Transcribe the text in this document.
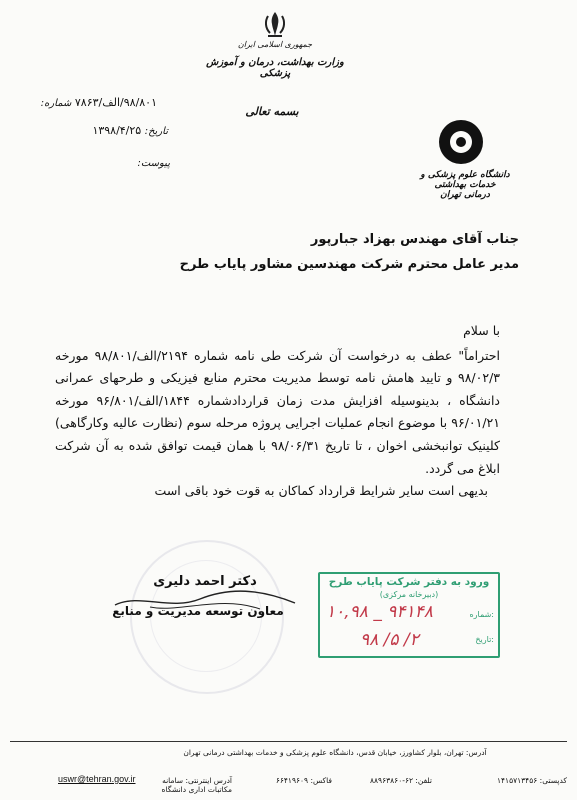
جمهوری اسلامی ایران
وزارت بهداشت، درمان و آموزش پزشکی
بسمه تعالی
دانشگاه علوم پزشکی و خدمات بهداشتی درمانی تهران
۹۸/۸۰۱/الف/۷۸۶۳ شماره:
تاریخ: ۱۳۹۸/۴/۲۵
پیوست:
جناب آقای مهندس بهزاد جبارپور
مدیر عامل محترم شرکت مهندسین مشاور پایاب طرح

با سلام

احتراماً" عطف به درخواست آن شرکت طی نامه شماره ۲۱۹۴/الف/۹۸/۸۰۱ مورخه ۹۸/۰۲/۳ و تایید هامش نامه توسط مدیریت محترم منابع فیزیکی و طرحهای عمرانی دانشگاه ، بدینوسیله افزایش مدت زمان قراردادشماره ۱۸۴۴/الف/۹۶/۸۰۱ مورخه ۹۶/۰۱/۲۱ با موضوع انجام عملیات اجرایی پروژه مرحله سوم (نظارت عالیه وکارگاهی) کلینیک توانبخشی اخوان ، تا تاریخ ۹۸/۰۶/۳۱ با همان قیمت توافق شده به آن شرکت ابلاغ می گردد.

بدیهی است سایر شرایط قرارداد کماکان به قوت خود باقی است

دکتر احمد دلیری
معاون توسعه مدیریت و منابع
ورود به دفتر شرکت پایاب طرح
(دبیرخانه مرکزی)
شماره:
تاریخ:
۱۰,۹۸ _ ۹۴۱۴۸
۹۸ /۵ /۲
آدرس: تهران، بلوار کشاورز، خیابان قدس، دانشگاه علوم پزشکی و خدمات بهداشتی درمانی تهران
کدپستی: ۱۴۱۵۷۱۳۴۵۶
تلفن: ۶۲-۸۸۹۶۳۸۶۰
فاکس: ۶۶۴۱۹۶۰۹
آدرس اینترنتی: سامانه مکاتبات اداری دانشگاه
uswr@tehran.gov.ir
